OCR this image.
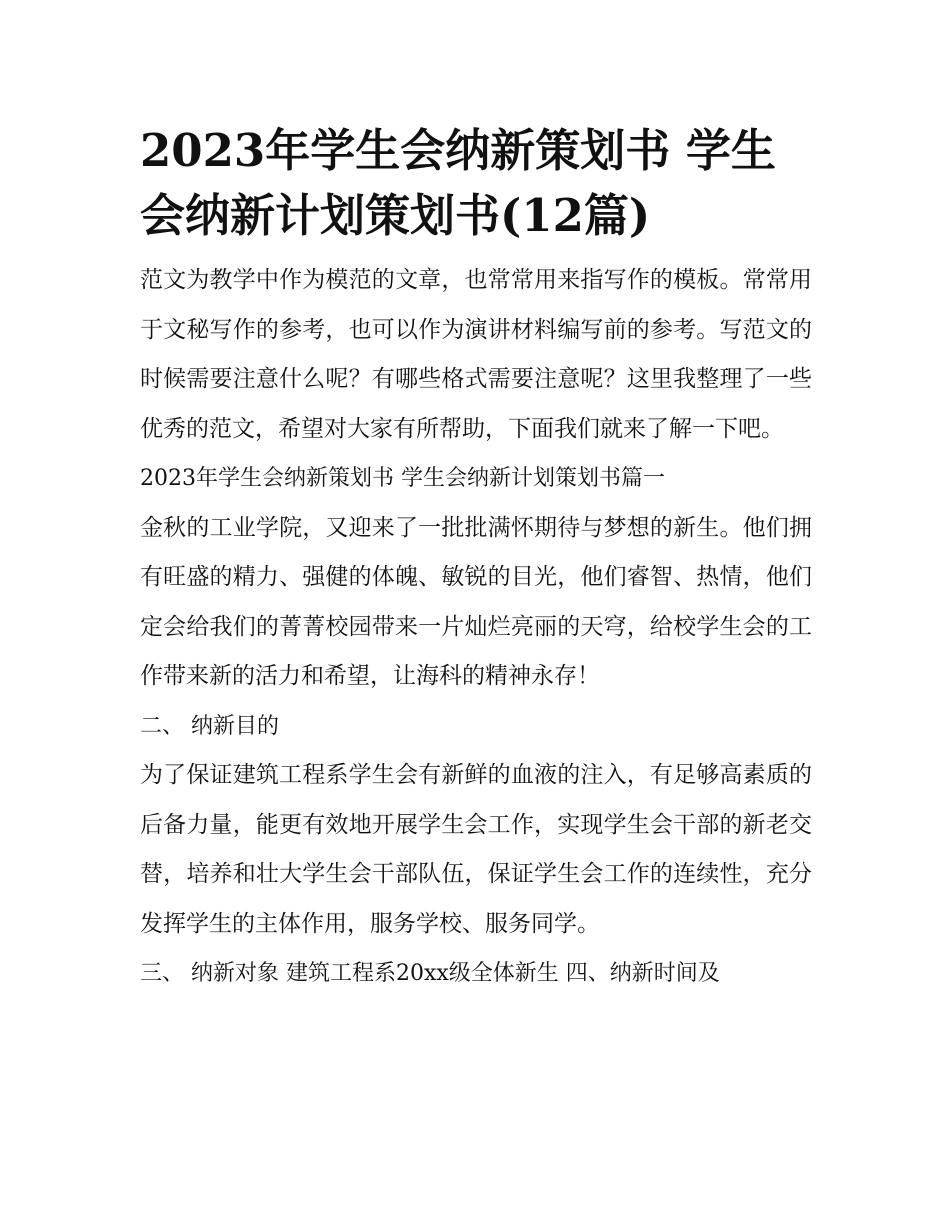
2023年学生会纳新策划书 学生会纳新计划策划书(12篇)

范文为教学中作为模范的文章，也常常用来指写作的模板。常常用于文秘写作的参考，也可以作为演讲材料编写前的参考。写范文的时候需要注意什么呢？有哪些格式需要注意呢？这里我整理了一些优秀的范文，希望对大家有所帮助，下面我们就来了解一下吧。

2023年学生会纳新策划书 学生会纳新计划策划书篇一

金秋的工业学院，又迎来了一批批满怀期待与梦想的新生。他们拥有旺盛的精力、强健的体魄、敏锐的目光，他们睿智、热情，他们定会给我们的菁菁校园带来一片灿烂亮丽的天穹，给校学生会的工作带来新的活力和希望，让海科的精神永存！

二、 纳新目的

为了保证建筑工程系学生会有新鲜的血液的注入，有足够高素质的后备力量，能更有效地开展学生会工作，实现学生会干部的新老交替，培养和壮大学生会干部队伍，保证学生会工作的连续性，充分发挥学生的主体作用，服务学校、服务同学。

三、 纳新对象 建筑工程系20xx级全体新生 四、纳新时间及
